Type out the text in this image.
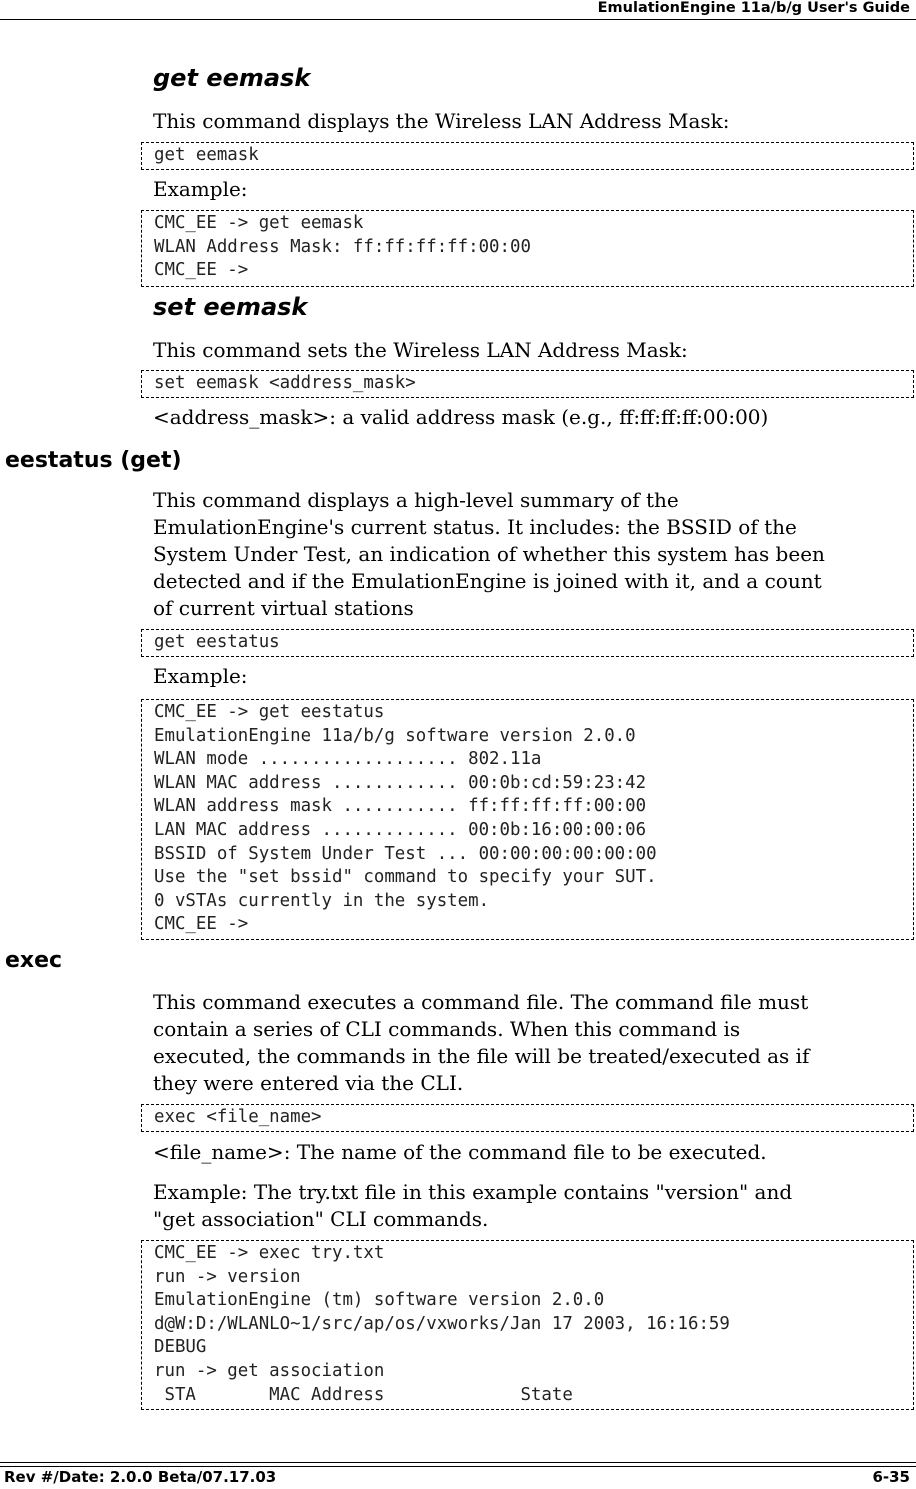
EmulationEngine 11a/b/g User's Guide
get eemask
This command displays the Wireless LAN Address Mask:
get eemask
Example:
CMC_EE -> get eemask
WLAN Address Mask: ff:ff:ff:ff:00:00
CMC_EE ->
set eemask
This command sets the Wireless LAN Address Mask:
set eemask <address_mask>
<address_mask>: a valid address mask (e.g., ff:ff:ff:ff:00:00)
eestatus (get)
This command displays a high-level summary of the
EmulationEngine's current status. It includes: the BSSID of the
System Under Test, an indication of whether this system has been
detected and if the EmulationEngine is joined with it, and a count
of current virtual stations
get eestatus
Example:
CMC_EE -> get eestatus
EmulationEngine 11a/b/g software version 2.0.0
WLAN mode ................... 802.11a
WLAN MAC address ............ 00:0b:cd:59:23:42
WLAN address mask ........... ff:ff:ff:ff:00:00
LAN MAC address ............. 00:0b:16:00:00:06
BSSID of System Under Test ... 00:00:00:00:00:00
Use the "set bssid" command to specify your SUT.
0 vSTAs currently in the system.
CMC_EE ->
exec
This command executes a command file. The command file must
contain a series of CLI commands. When this command is
executed, the commands in the file will be treated/executed as if
they were entered via the CLI.
exec <file_name>
<file_name>: The name of the command file to be executed.
Example: The try.txt file in this example contains "version" and
"get association" CLI commands.
CMC_EE -> exec try.txt
run -> version
EmulationEngine (tm) software version 2.0.0
d@W:D:/WLANLO~1/src/ap/os/vxworks/Jan 17 2003, 16:16:59
DEBUG
run -> get association
STA       MAC Address             State
Rev #/Date: 2.0.0 Beta/07.17.03	6-35
